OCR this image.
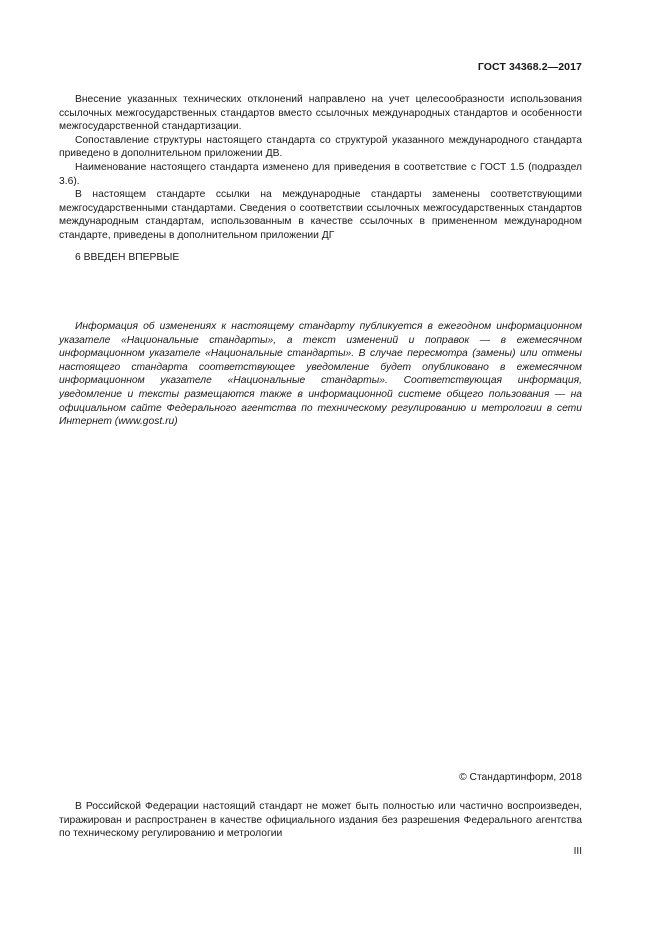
ГОСТ 34368.2—2017

Внесение указанных технических отклонений направлено на учет целесообразности использования ссылочных межгосударственных стандартов вместо ссылочных международных стандартов и особенности межгосударственной стандартизации.

Сопоставление структуры настоящего стандарта со структурой указанного международного стандарта приведено в дополнительном приложении ДВ.

Наименование настоящего стандарта изменено для приведения в соответствие с ГОСТ 1.5 (подраздел 3.6).

В настоящем стандарте ссылки на международные стандарты заменены соответствующими межгосударственными стандартами. Сведения о соответствии ссылочных межгосударственных стандартов международным стандартам, использованным в качестве ссылочных в примененном международном стандарте, приведены в дополнительном приложении ДГ

6 ВВЕДЕН ВПЕРВЫЕ

Информация об изменениях к настоящему стандарту публикуется в ежегодном информационном указателе «Национальные стандарты», а текст изменений и поправок — в ежемесячном информационном указателе «Национальные стандарты». В случае пересмотра (замены) или отмены настоящего стандарта соответствующее уведомление будет опубликовано в ежемесячном информационном указателе «Национальные стандарты». Соответствующая информация, уведомление и тексты размещаются также в информационной системе общего пользования — на официальном сайте Федерального агентства по техническому регулированию и метрологии в сети Интернет (www.gost.ru)

© Стандартинформ, 2018

В Российской Федерации настоящий стандарт не может быть полностью или частично воспроизведен, тиражирован и распространен в качестве официального издания без разрешения Федерального агентства по техническому регулированию и метрологии

III
